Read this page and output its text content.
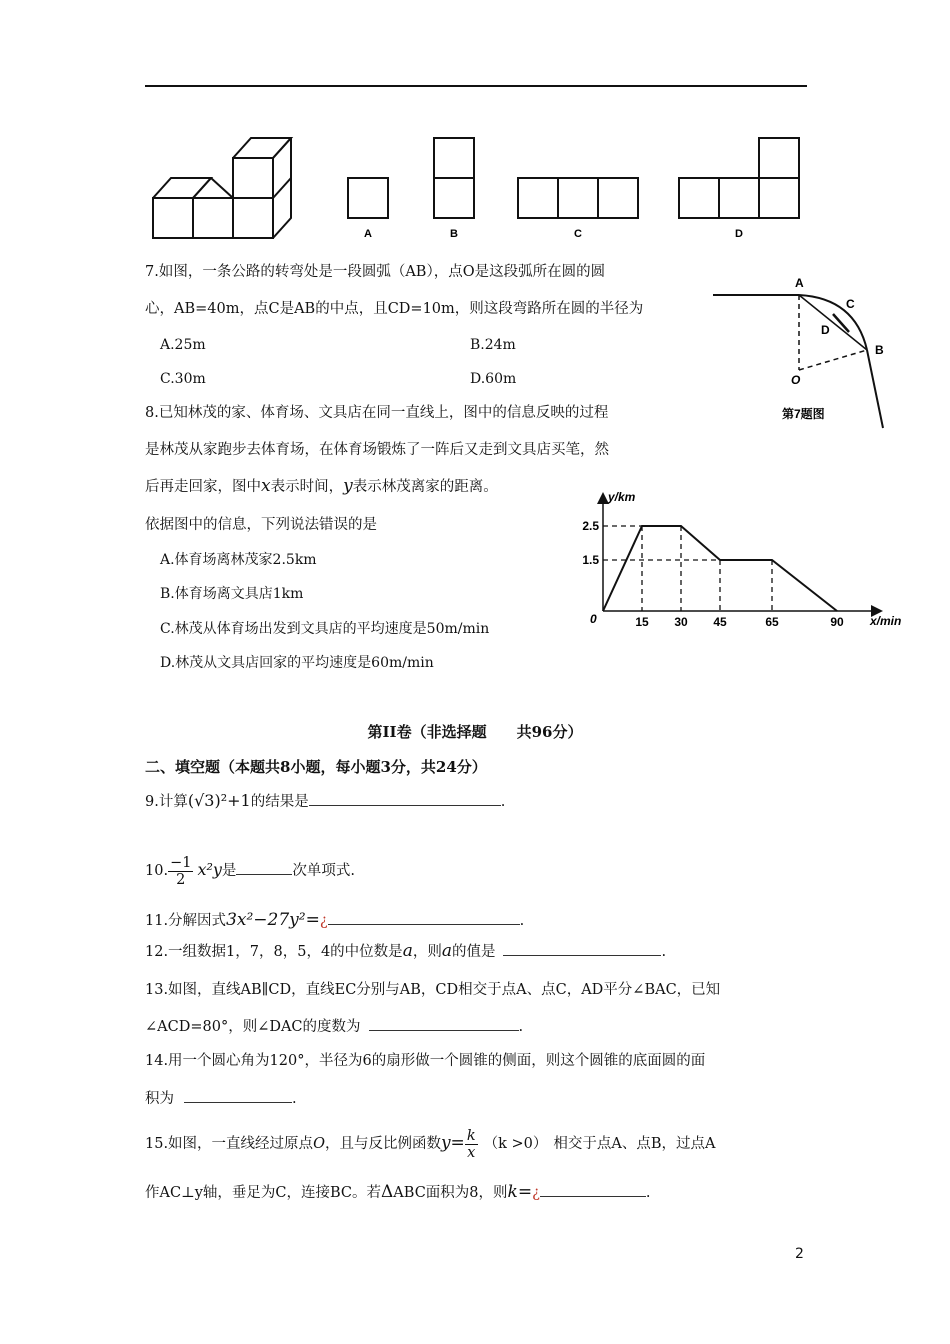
A	B	C	D
7.如图，一条公路的转弯处是一段圆弧（AB），点O是这段弧所在圆的圆
心，AB=40m，点C是AB的中点，且CD=10m，则这段弯路所在圆的半径为
A.25m	B.24m
C.30m	D.60m
A
C
D
B
O
第7题图
8.已知林茂的家、体育场、文具店在同一直线上，图中的信息反映的过程
是林茂从家跑步去体育场，在体育场锻炼了一阵后又走到文具店买笔，然
后再走回家，图中x表示时间，y表示林茂离家的距离。
依据图中的信息，下列说法错误的是
A.体育场离林茂家2.5km
B.体育场离文具店1km
C.林茂从体育场出发到文具店的平均速度是50m/min
D.林茂从文具店回家的平均速度是60m/min
y/km
x/min
0	15 30 45	65	90
2.5
1.5
第II卷（非选择题　　共96分）
二、填空题（本题共8小题，每小题3分，共24分）
9.计算(√3)²+1的结果是	.
10. $\frac{-1}{2} x^2y$是	次单项式.
11.分解因式3x²−27y²=¿	.
12.一组数据1，7，8，5，4的中位数是a，则a的值是	.
13.如图，直线AB∥CD，直线EC分别与AB，CD相交于点A、点C，AD平分∠BAC，已知
∠ACD=80°，则∠DAC的度数为	.
14.用一个圆心角为120°，半径为6的扇形做一个圆锥的侧面，则这个圆锥的底面圆的面
积为	.
15.如图，一直线经过原点O，且与反比例函数$y= \frac{k}{x} (k >0)$ 相交于点A、点B，过点A
作AC⊥y轴，垂足为C，连接BC。若ΔABC面积为8，则k=¿	.
2
